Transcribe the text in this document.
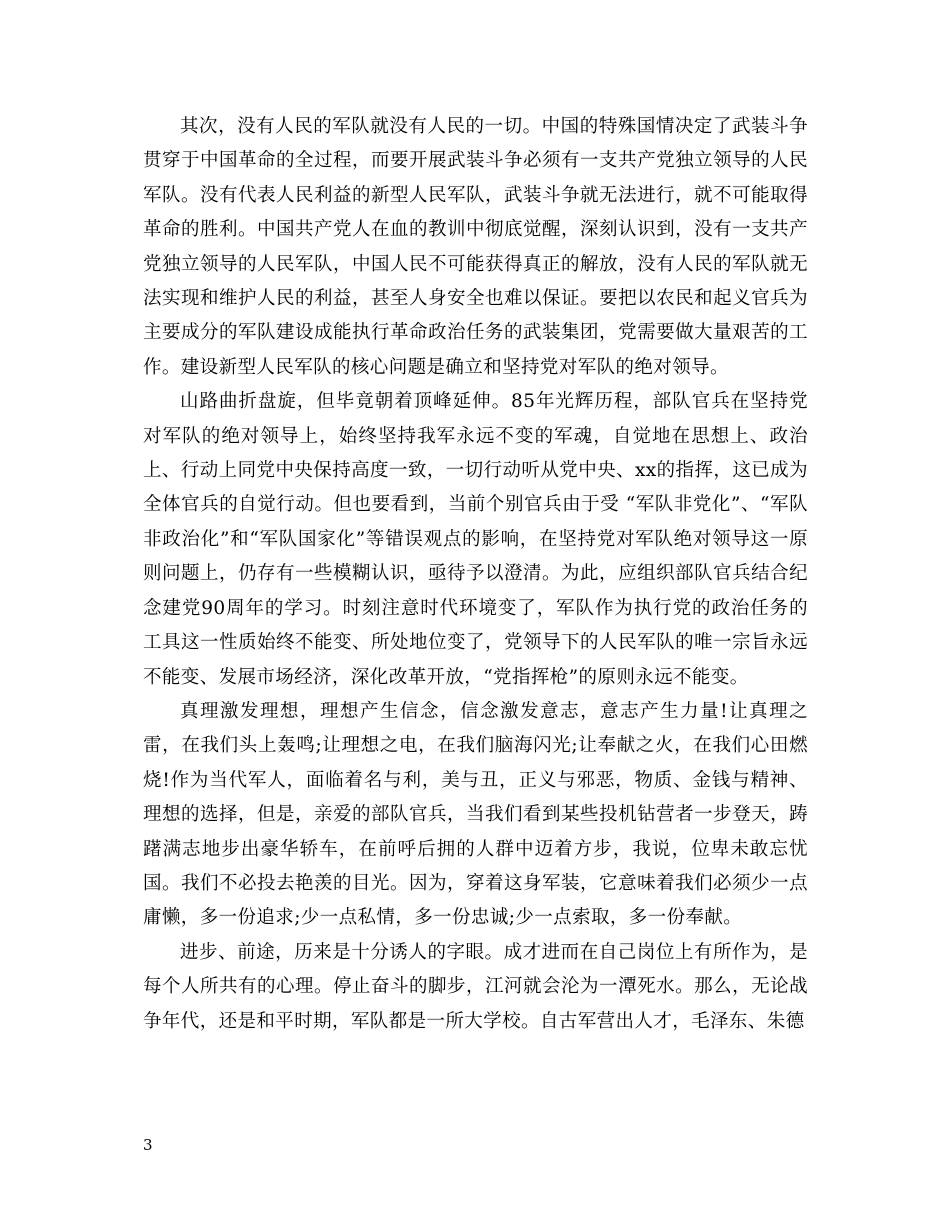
其次，没有人民的军队就没有人民的一切。中国的特殊国情决定了武装斗争贯穿于中国革命的全过程，而要开展武装斗争必须有一支共产党独立领导的人民军队。没有代表人民利益的新型人民军队，武装斗争就无法进行，就不可能取得革命的胜利。中国共产党人在血的教训中彻底觉醒，深刻认识到，没有一支共产党独立领导的人民军队，中国人民不可能获得真正的解放，没有人民的军队就无法实现和维护人民的利益，甚至人身安全也难以保证。要把以农民和起义官兵为主要成分的军队建设成能执行革命政治任务的武装集团，党需要做大量艰苦的工作。建设新型人民军队的核心问题是确立和坚持党对军队的绝对领导。

山路曲折盘旋，但毕竟朝着顶峰延伸。85年光辉历程，部队官兵在坚持党对军队的绝对领导上，始终坚持我军永远不变的军魂，自觉地在思想上、政治上、行动上同党中央保持高度一致，一切行动听从党中央、xx的指挥，这已成为全体官兵的自觉行动。但也要看到，当前个别官兵由于受 “军队非党化”、“军队非政治化”和“军队国家化”等错误观点的影响，在坚持党对军队绝对领导这一原则问题上，仍存有一些模糊认识，亟待予以澄清。为此，应组织部队官兵结合纪念建党90周年的学习。时刻注意时代环境变了，军队作为执行党的政治任务的工具这一性质始终不能变、所处地位变了，党领导下的人民军队的唯一宗旨永远不能变、发展市场经济，深化改革开放，“党指挥枪”的原则永远不能变。

真理激发理想，理想产生信念，信念激发意志，意志产生力量!让真理之雷，在我们头上轰鸣;让理想之电，在我们脑海闪光;让奉献之火，在我们心田燃烧!作为当代军人，面临着名与利，美与丑，正义与邪恶，物质、金钱与精神、理想的选择，但是，亲爱的部队官兵，当我们看到某些投机钻营者一步登天，踌躇满志地步出豪华轿车，在前呼后拥的人群中迈着方步，我说，位卑未敢忘忧国。我们不必投去艳羡的目光。因为，穿着这身军装，它意味着我们必须少一点庸懒，多一份追求;少一点私情，多一份忠诚;少一点索取，多一份奉献。

进步、前途，历来是十分诱人的字眼。成才进而在自己岗位上有所作为，是每个人所共有的心理。停止奋斗的脚步，江河就会沦为一潭死水。那么，无论战争年代，还是和平时期，军队都是一所大学校。自古军营出人才，毛泽东、朱德

3
